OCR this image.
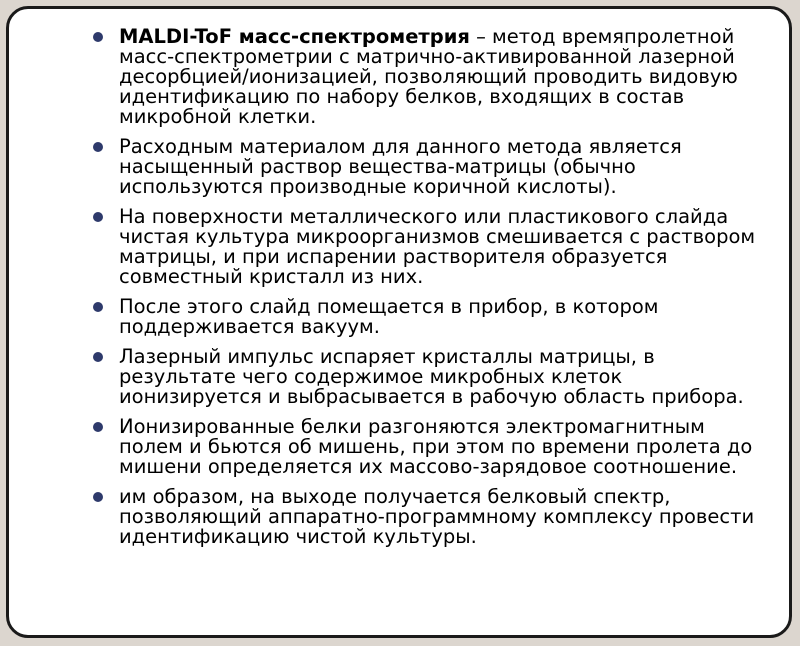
MALDI-ToF масс-спектрометрия – метод времяпролетной масс-спектрометрии с матрично-активированной лазерной десорбцией/ионизацией, позволяющий проводить видовую идентификацию по набору белков, входящих в состав микробной клетки.
Расходным материалом для данного метода является насыщенный раствор вещества-матрицы (обычно используются производные коричной кислоты).
На поверхности металлического или пластикового слайда чистая культура микроорганизмов смешивается с раствором матрицы, и при испарении растворителя образуется совместный кристалл из них.
После этого слайд помещается в прибор, в котором поддерживается вакуум.
Лазерный импульс испаряет кристаллы матрицы, в результате чего содержимое микробных клеток ионизируется и выбрасывается в рабочую область прибора.
Ионизированные белки разгоняются электромагнитным полем и бьются об мишень, при этом по времени пролета до мишени определяется их массово-зарядовое соотношение.
им образом, на выходе получается белковый спектр, позволяющий аппаратно-программному комплексу провести идентификацию чистой культуры.
